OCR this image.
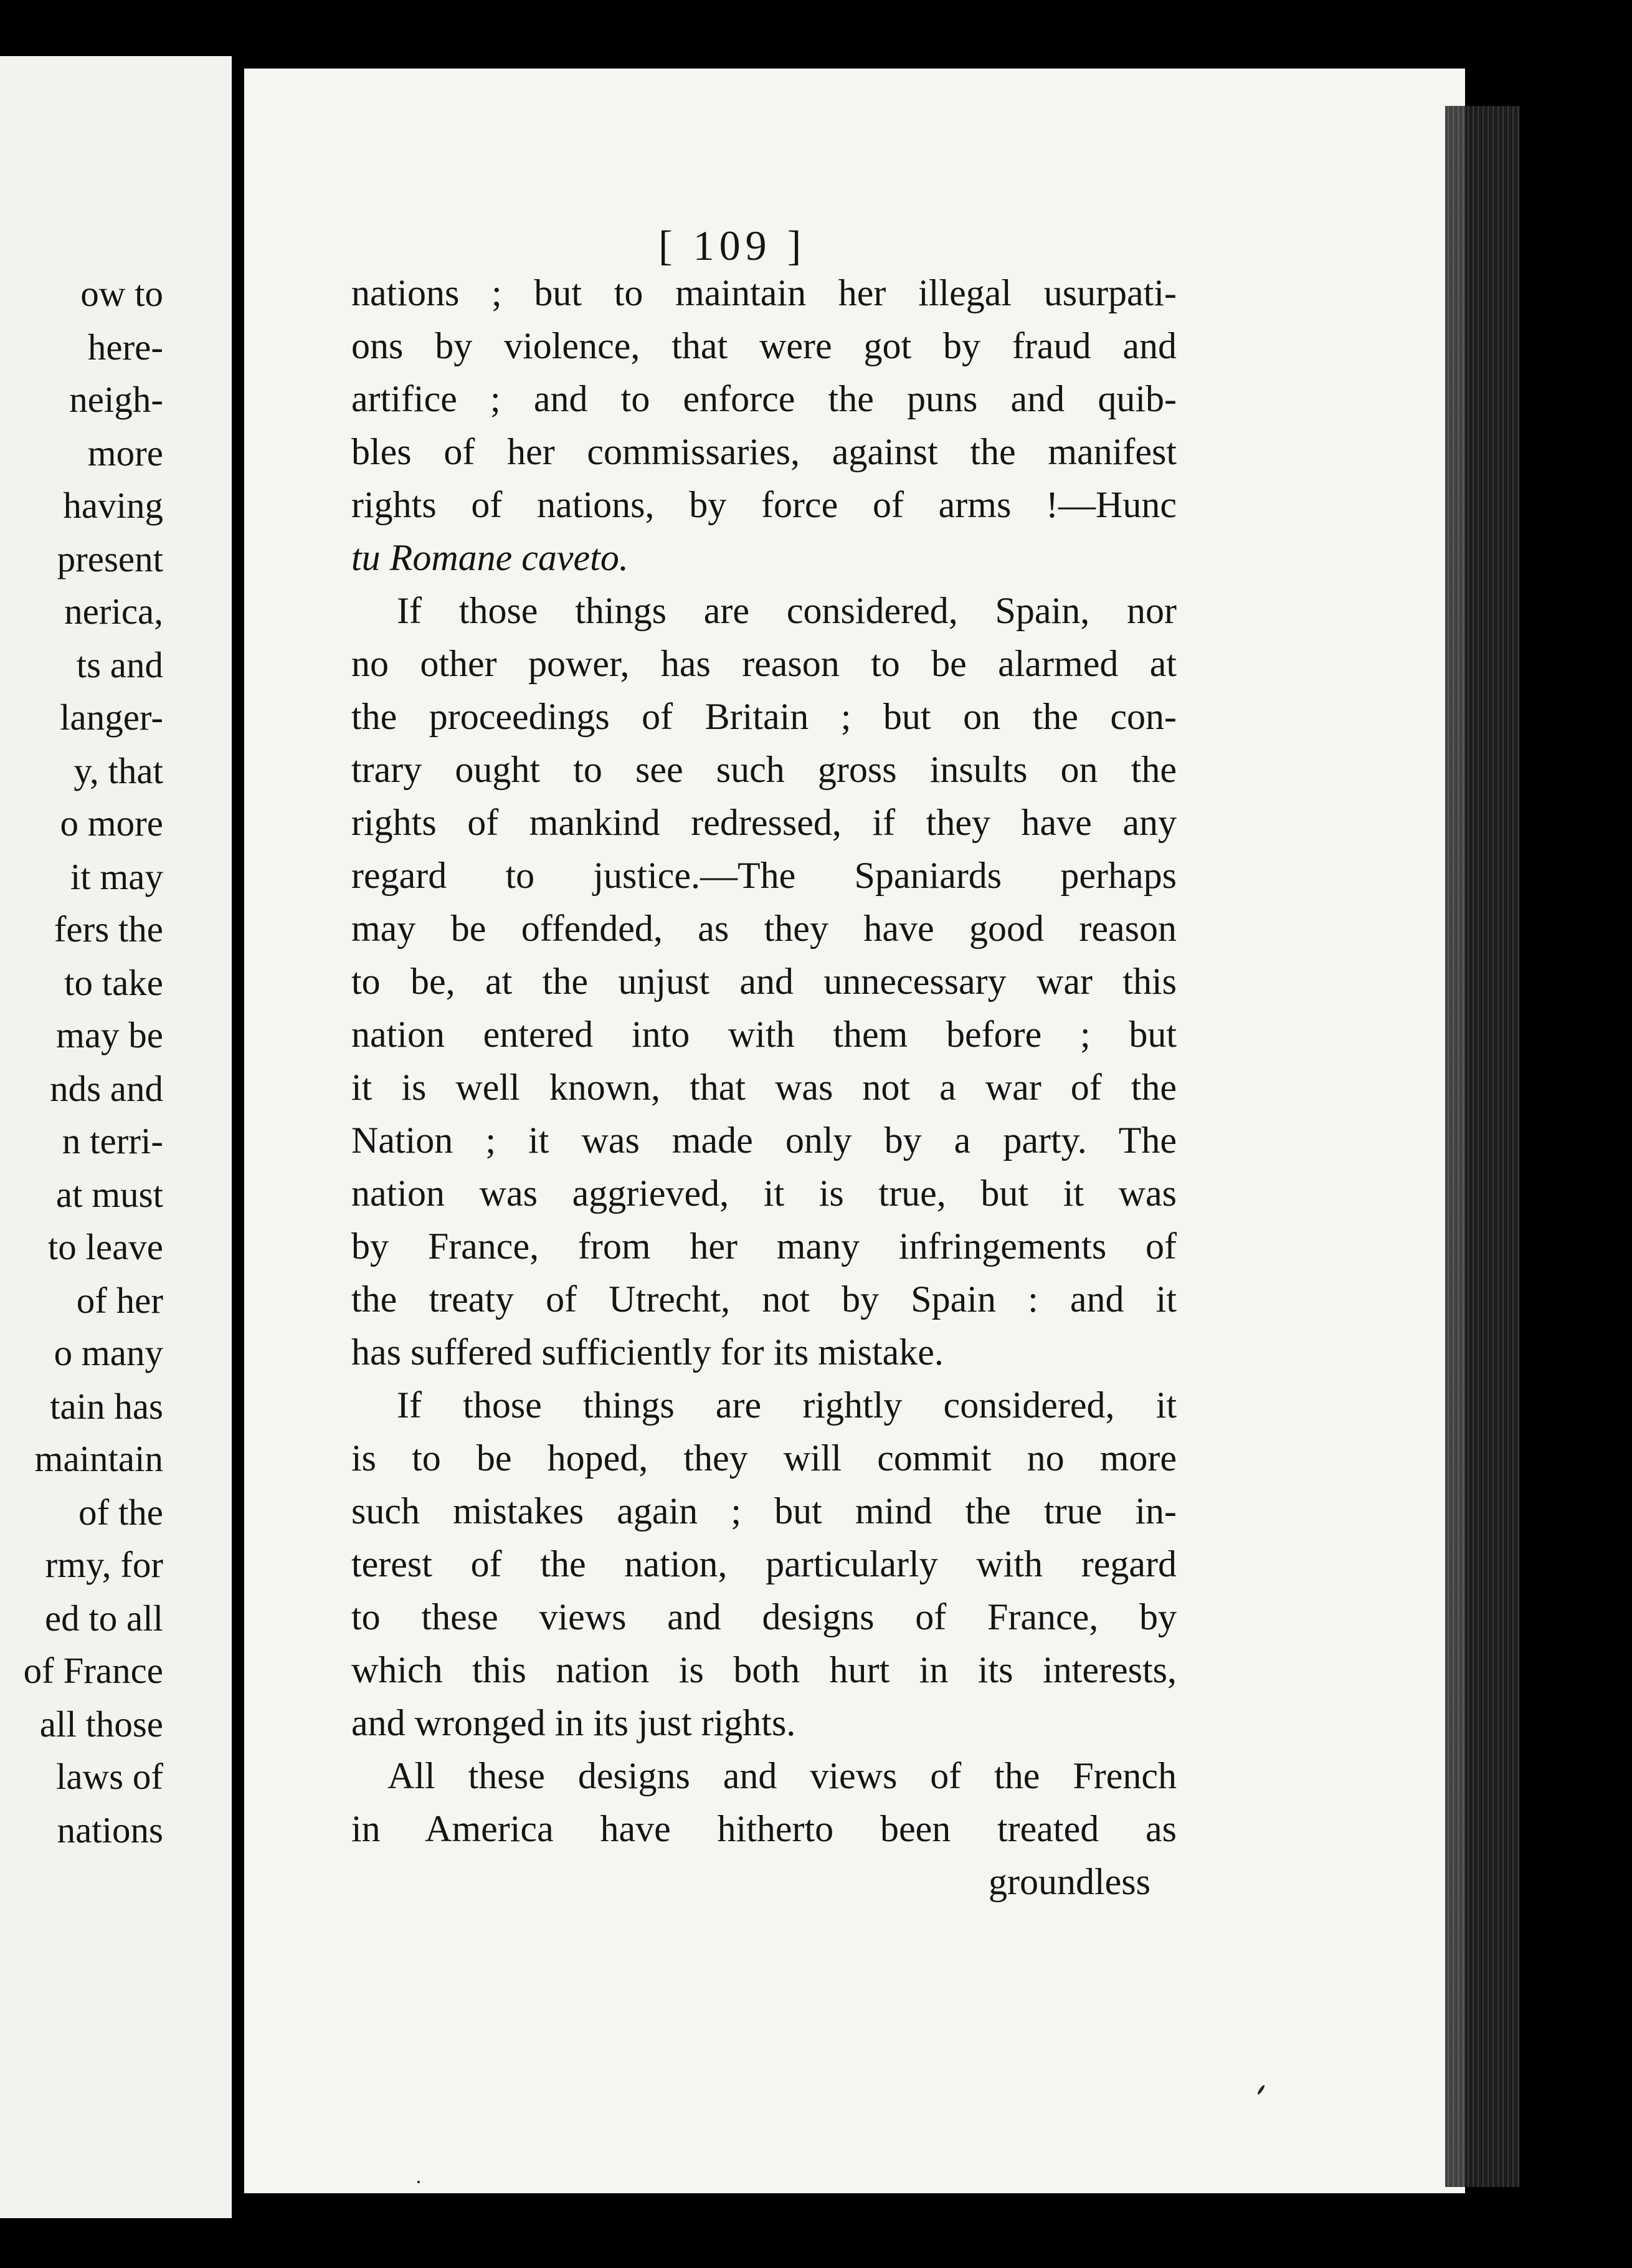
ow to
here-
neigh-
more
having
present
nerica,
ts and
langer-
y, that
o more
it may
fers the
to take
may be
nds and
n terri-
at must
to leave
of her
o many
tain has
maintain
of the
rmy, for
ed to all
of France
all those
laws of
nations
[ 109 ]
nations ; but to maintain her illegal usurpati-
ons by violence, that were got by fraud and
artifice ; and to enforce the puns and quib-
bles of her commissaries, against the manifest
rights of nations, by force of arms !—Hunc
tu Romane caveto.
If those things are considered, Spain, nor
no other power, has reason to be alarmed at
the proceedings of Britain ; but on the con-
trary ought to see such gross insults on the
rights of mankind redressed, if they have any
regard to justice.—The Spaniards perhaps
may be offended, as they have good reason
to be, at the unjust and unnecessary war this
nation entered into with them before ; but
it is well known, that was not a war of the
Nation ; it was made only by a party. The
nation was aggrieved, it is true, but it was
by France, from her many infringements of
the treaty of Utrecht, not by Spain : and it
has suffered sufficiently for its mistake.
If those things are rightly considered, it
is to be hoped, they will commit no more
such mistakes again ; but mind the true in-
terest of the nation, particularly with regard
to these views and designs of France, by
which this nation is both hurt in its interests,
and wronged in its just rights.
All these designs and views of the French
in America have hitherto been treated as
groundless
